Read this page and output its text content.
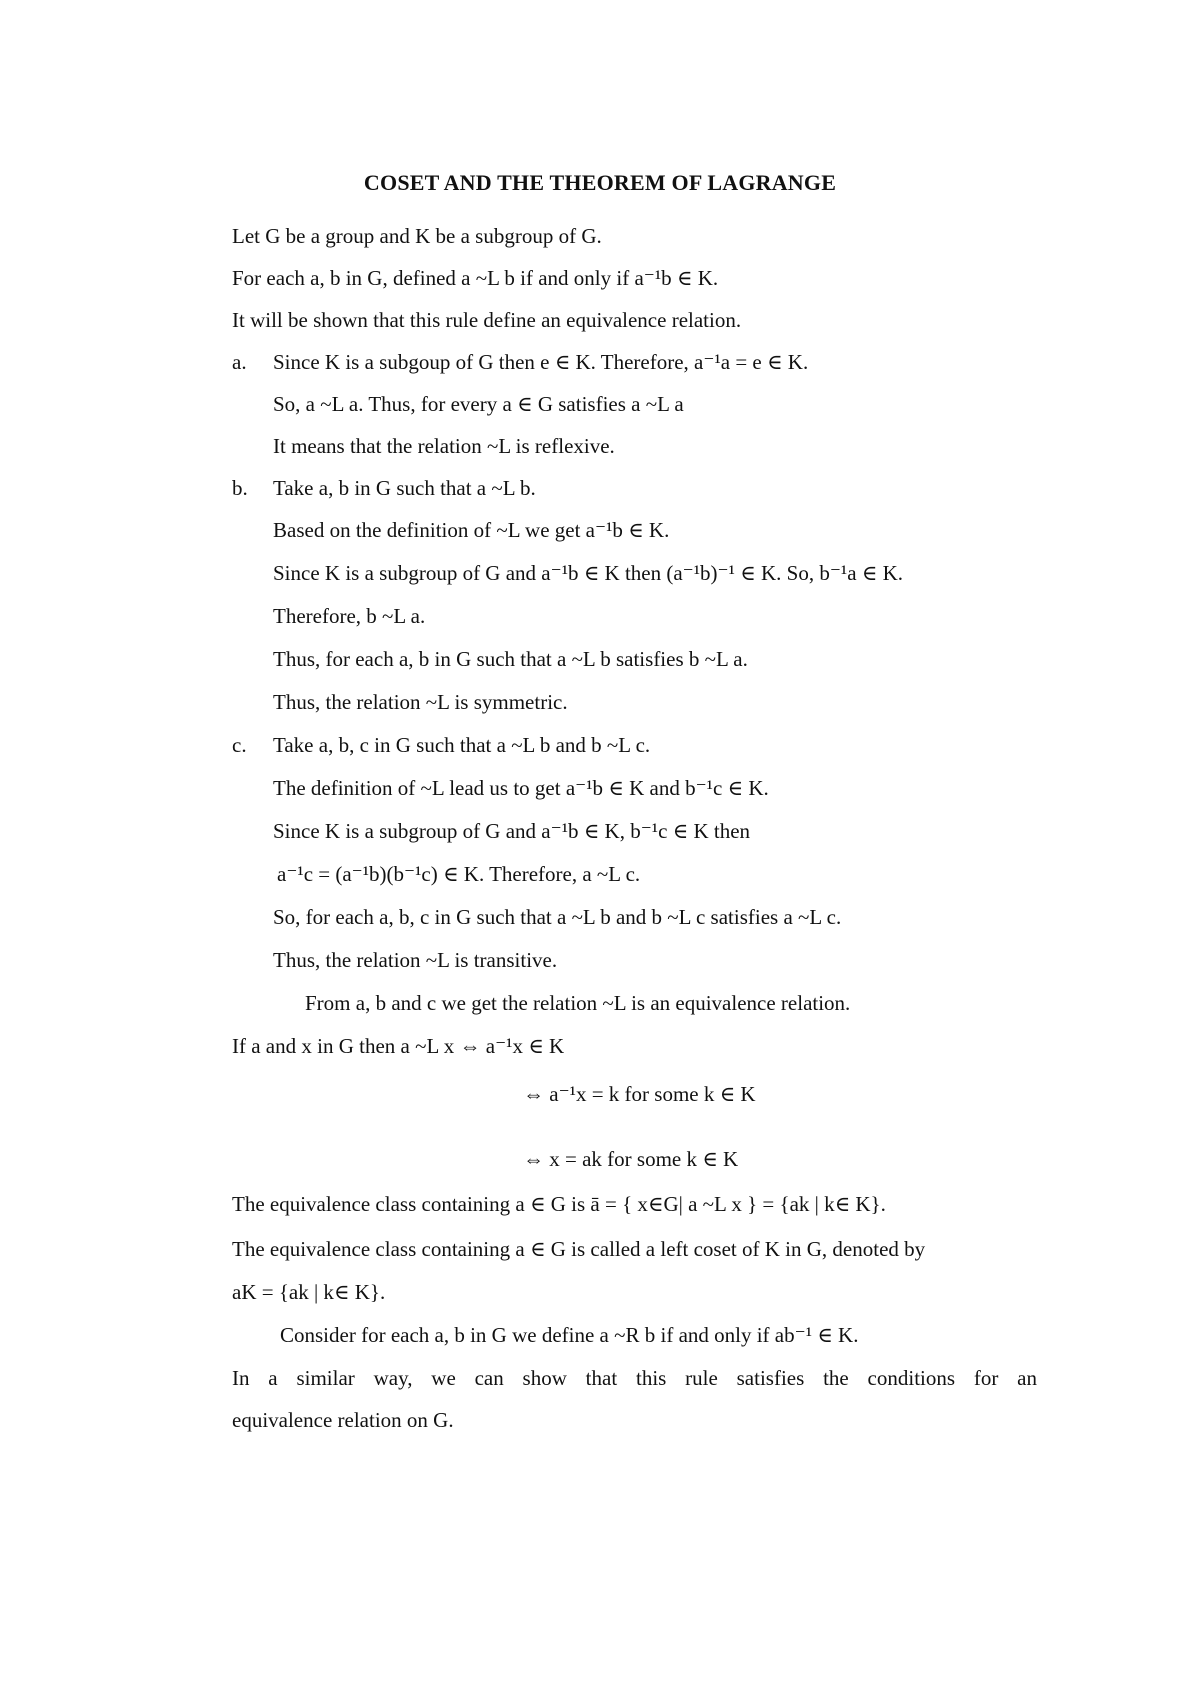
COSET AND THE THEOREM OF LAGRANGE
Let G be a group and K be a subgroup of G.
For each a, b in G, defined a ~L b if and only if a⁻¹b ∈ K.
It will be shown that this rule define an equivalence relation.
a. Since K is a subgoup of G then e ∈ K. Therefore, a⁻¹a = e ∈ K.
So, a ~L a. Thus, for every a ∈ G satisfies a ~L a
It means that the relation ~L is reflexive.
b. Take a, b in G such that a ~L b.
Based on the definition of ~L we get a⁻¹b ∈ K.
Since K is a subgroup of G and a⁻¹b ∈ K then (a⁻¹b)⁻¹ ∈ K. So, b⁻¹a ∈ K.
Therefore, b ~L a.
Thus, for each a, b in G such that a ~L b satisfies b ~L a.
Thus, the relation ~L is symmetric.
c. Take a, b, c in G such that a ~L b and b ~L c.
The definition of ~L lead us to get a⁻¹b ∈ K and b⁻¹c ∈ K.
Since K is a subgroup of G and a⁻¹b ∈ K, b⁻¹c ∈ K then
a⁻¹c = (a⁻¹b)(b⁻¹c) ∈ K. Therefore, a ~L c.
So, for each a, b, c in G such that a ~L b and b ~L c satisfies a ~L c.
Thus, the relation ~L is transitive.
From a, b and c we get the relation ~L is an equivalence relation.
If a and x in G then a ~L x ⇔ a⁻¹x ∈ K
⇔ a⁻¹x = k for some k ∈ K
⇔ x = ak for some k ∈ K
The equivalence class containing a ∈ G is ā = { x∈G| a ~L x } = {ak | k∈ K}.
The equivalence class containing a ∈ G is called a left coset of K in G, denoted by
aK = {ak | k∈ K}.
Consider for each a, b in G we define a ~R b if and only if ab⁻¹ ∈ K.
In a similar way, we can show that this rule satisfies the conditions for an
equivalence relation on G.
